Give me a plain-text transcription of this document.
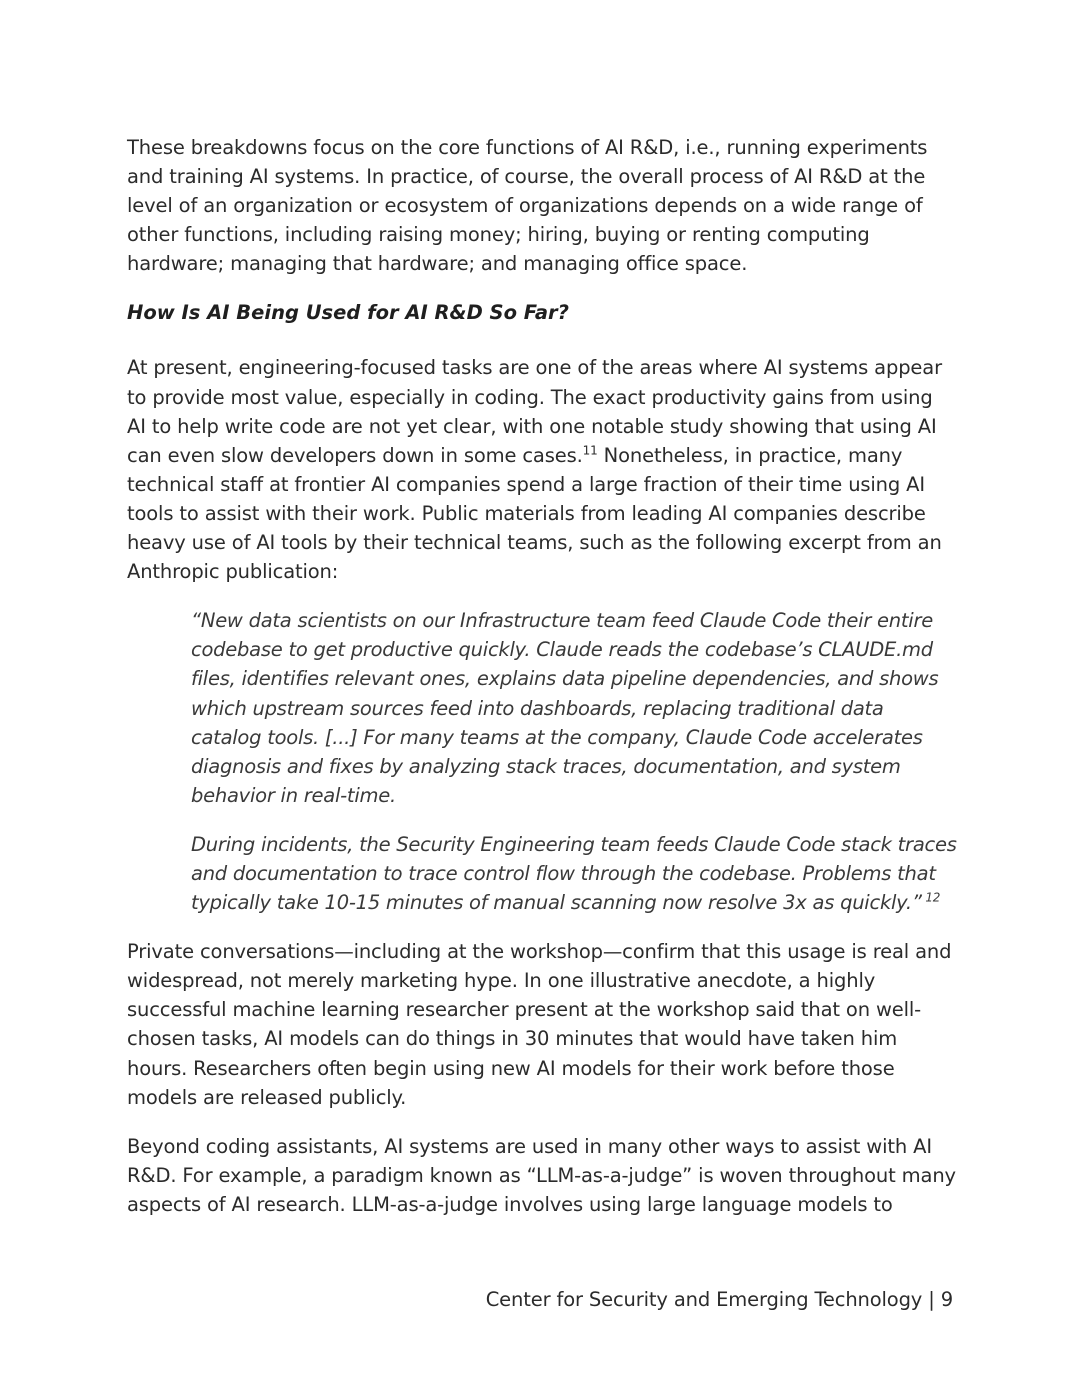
These breakdowns focus on the core functions of AI R&D, i.e., running experiments and training AI systems. In practice, of course, the overall process of AI R&D at the level of an organization or ecosystem of organizations depends on a wide range of other functions, including raising money; hiring, buying or renting computing hardware; managing that hardware; and managing office space.

How Is AI Being Used for AI R&D So Far?

At present, engineering-focused tasks are one of the areas where AI systems appear to provide most value, especially in coding. The exact productivity gains from using AI to help write code are not yet clear, with one notable study showing that using AI can even slow developers down in some cases.$^{11}$ Nonetheless, in practice, many technical staff at frontier AI companies spend a large fraction of their time using AI tools to assist with their work. Public materials from leading AI companies describe heavy use of AI tools by their technical teams, such as the following excerpt from an Anthropic publication:

“New data scientists on our Infrastructure team feed Claude Code their entire codebase to get productive quickly. Claude reads the codebase’s CLAUDE.md files, identifies relevant ones, explains data pipeline dependencies, and shows which upstream sources feed into dashboards, replacing traditional data catalog tools. [...] For many teams at the company, Claude Code accelerates diagnosis and fixes by analyzing stack traces, documentation, and system behavior in real-time.

During incidents, the Security Engineering team feeds Claude Code stack traces and documentation to trace control flow through the codebase. Problems that typically take 10-15 minutes of manual scanning now resolve 3x as quickly.” $^{12}$

Private conversations—including at the workshop—confirm that this usage is real and widespread, not merely marketing hype. In one illustrative anecdote, a highly successful machine learning researcher present at the workshop said that on well-chosen tasks, AI models can do things in 30 minutes that would have taken him hours. Researchers often begin using new AI models for their work before those models are released publicly.

Beyond coding assistants, AI systems are used in many other ways to assist with AI R&D. For example, a paradigm known as “LLM-as-a-judge” is woven throughout many aspects of AI research. LLM-as-a-judge involves using large language models to

Center for Security and Emerging Technology | 9
